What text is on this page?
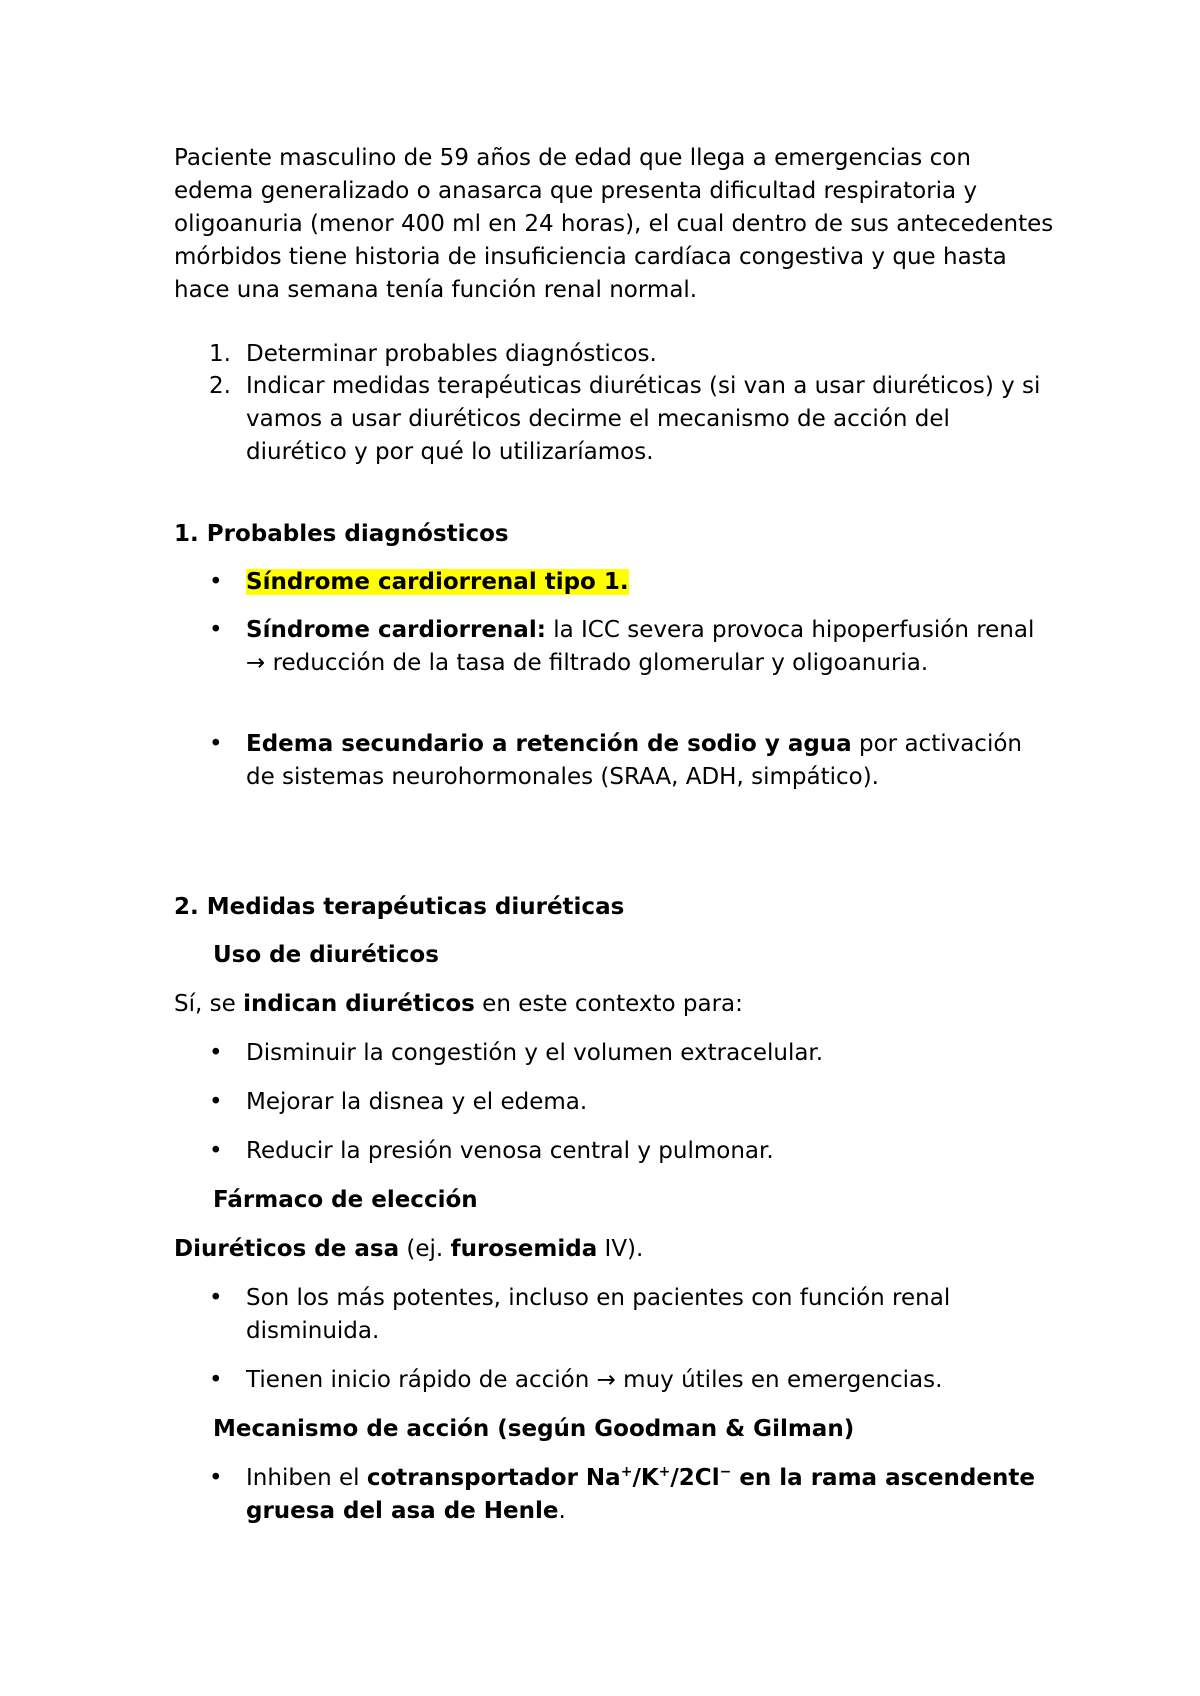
Paciente masculino de 59 años de edad que llega a emergencias con edema generalizado o anasarca que presenta dificultad respiratoria y oligoanuria (menor 400 ml en 24 horas), el cual dentro de sus antecedentes mórbidos tiene historia de insuficiencia cardíaca congestiva y que hasta hace una semana tenía función renal normal.

1. Determinar probables diagnósticos.
2. Indicar medidas terapéuticas diuréticas (si van a usar diuréticos) y si vamos a usar diuréticos decirme el mecanismo de acción del diurético y por qué lo utilizaríamos.
1. Probables diagnósticos
• Síndrome cardiorrenal tipo 1.
• Síndrome cardiorrenal: la ICC severa provoca hipoperfusión renal → reducción de la tasa de filtrado glomerular y oligoanuria.
• Edema secundario a retención de sodio y agua por activación de sistemas neurohormonales (SRAA, ADH, simpático).
2. Medidas terapéuticas diuréticas
Uso de diuréticos
Sí, se indican diuréticos en este contexto para:
• Disminuir la congestión y el volumen extracelular.
• Mejorar la disnea y el edema.
• Reducir la presión venosa central y pulmonar.
Fármaco de elección
Diuréticos de asa (ej. furosemida IV).
• Son los más potentes, incluso en pacientes con función renal disminuida.
• Tienen inicio rápido de acción → muy útiles en emergencias.
Mecanismo de acción (según Goodman & Gilman)
• Inhiben el cotransportador Na+/K+/2Cl− en la rama ascendente gruesa del asa de Henle.
